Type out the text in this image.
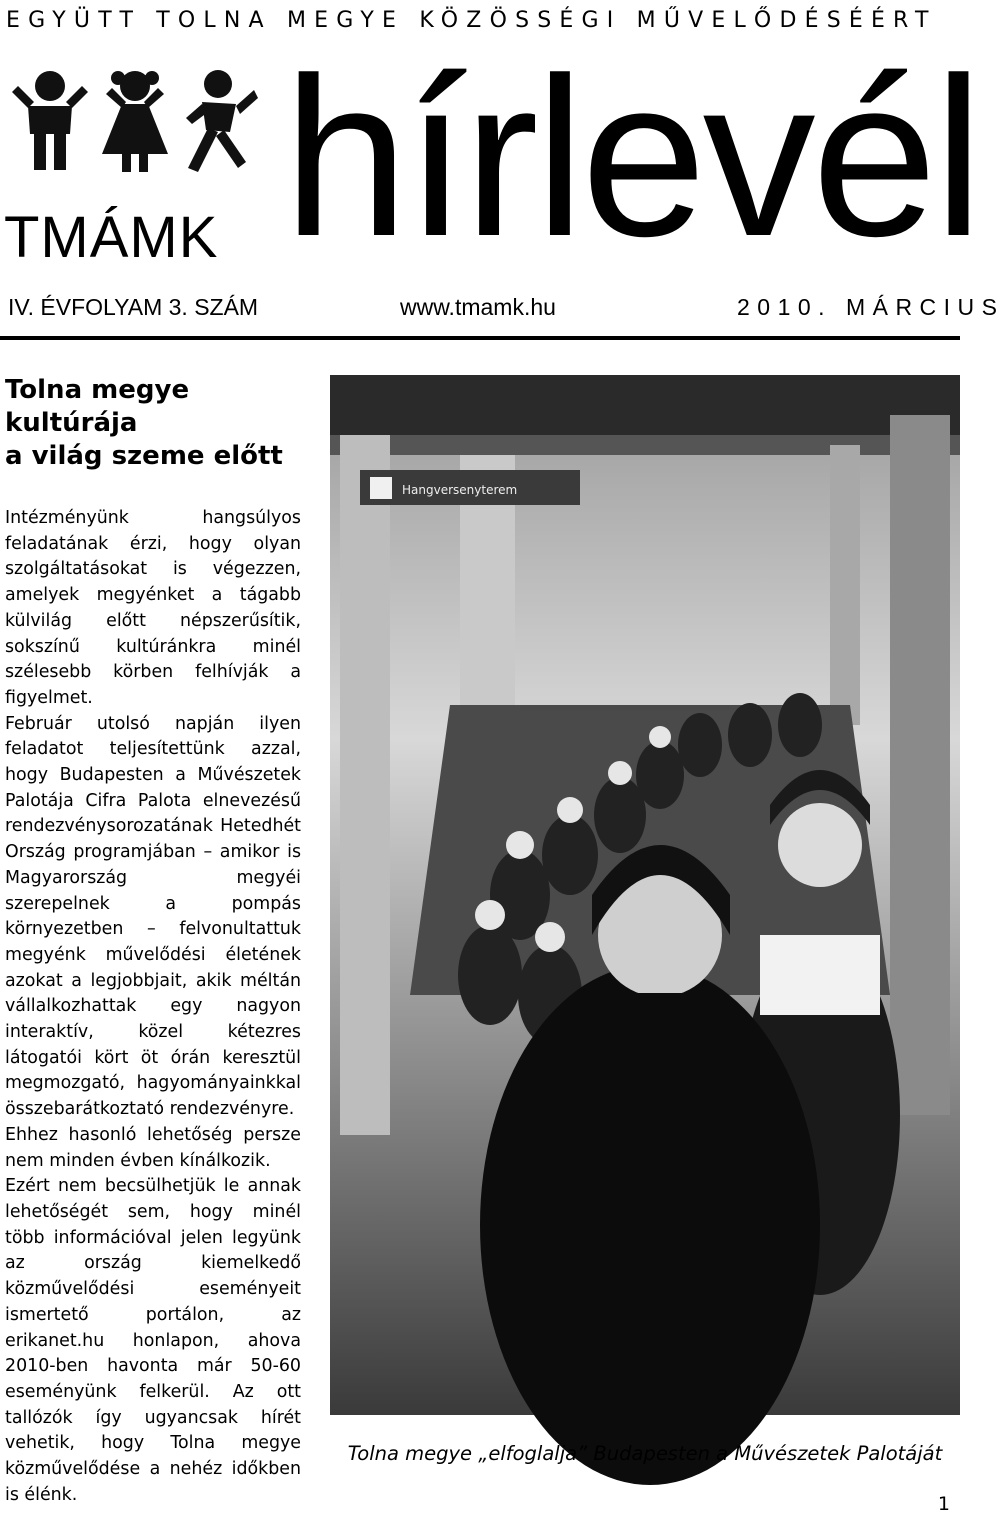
EGYÜTT TOLNA MEGYE KÖZÖSSÉGI MŰVELŐDÉSÉÉRT
TMÁMK hírlevél
IV. ÉVFOLYAM 3. SZÁM	www.tmamk.hu	2010. MÁRCIUS
Tolna megye
kultúrája
a világ szeme előtt

Intézményünk hangsúlyos feladatának érzi, hogy olyan szolgáltatásokat is végezzen, amelyek megyénket a tágabb külvilág előtt népszerűsítik, sokszínű kultúránkra minél szélesebb körben felhívják a figyelmet.

Február utolsó napján ilyen feladatot teljesítettünk azzal, hogy Budapesten a Művészetek Palotája Cifra Palota elnevezésű rendezvénysorozatának Hetedhét Ország programjában – amikor is Magyarország megyéi szerepelnek a pompás környezetben – felvonultattuk megyénk művelődési életének azokat a legjobbjait, akik méltán vállalkozhattak egy nagyon interaktív, közel kétezres látogatói kört öt órán keresztül megmozgató, hagyományainkkal összebarátkoztató rendezvényre.

Ehhez hasonló lehetőség persze nem minden évben kínálkozik.

Ezért nem becsülhetjük le annak lehetőségét sem, hogy minél több információval jelen legyünk az ország kiemelkedő közművelődési eseményeit ismertető portálon, az erikanet.hu honlapon, ahova 2010-ben havonta már 50-60 eseményünk felkerül. Az ott tallózók így ugyancsak hírét vehetik, hogy Tolna megye közművelődése a nehéz időkben is élénk.

Hangversenyterem
Tolna megye „elfoglalja” Budapesten a Művészetek Palotáját
1
